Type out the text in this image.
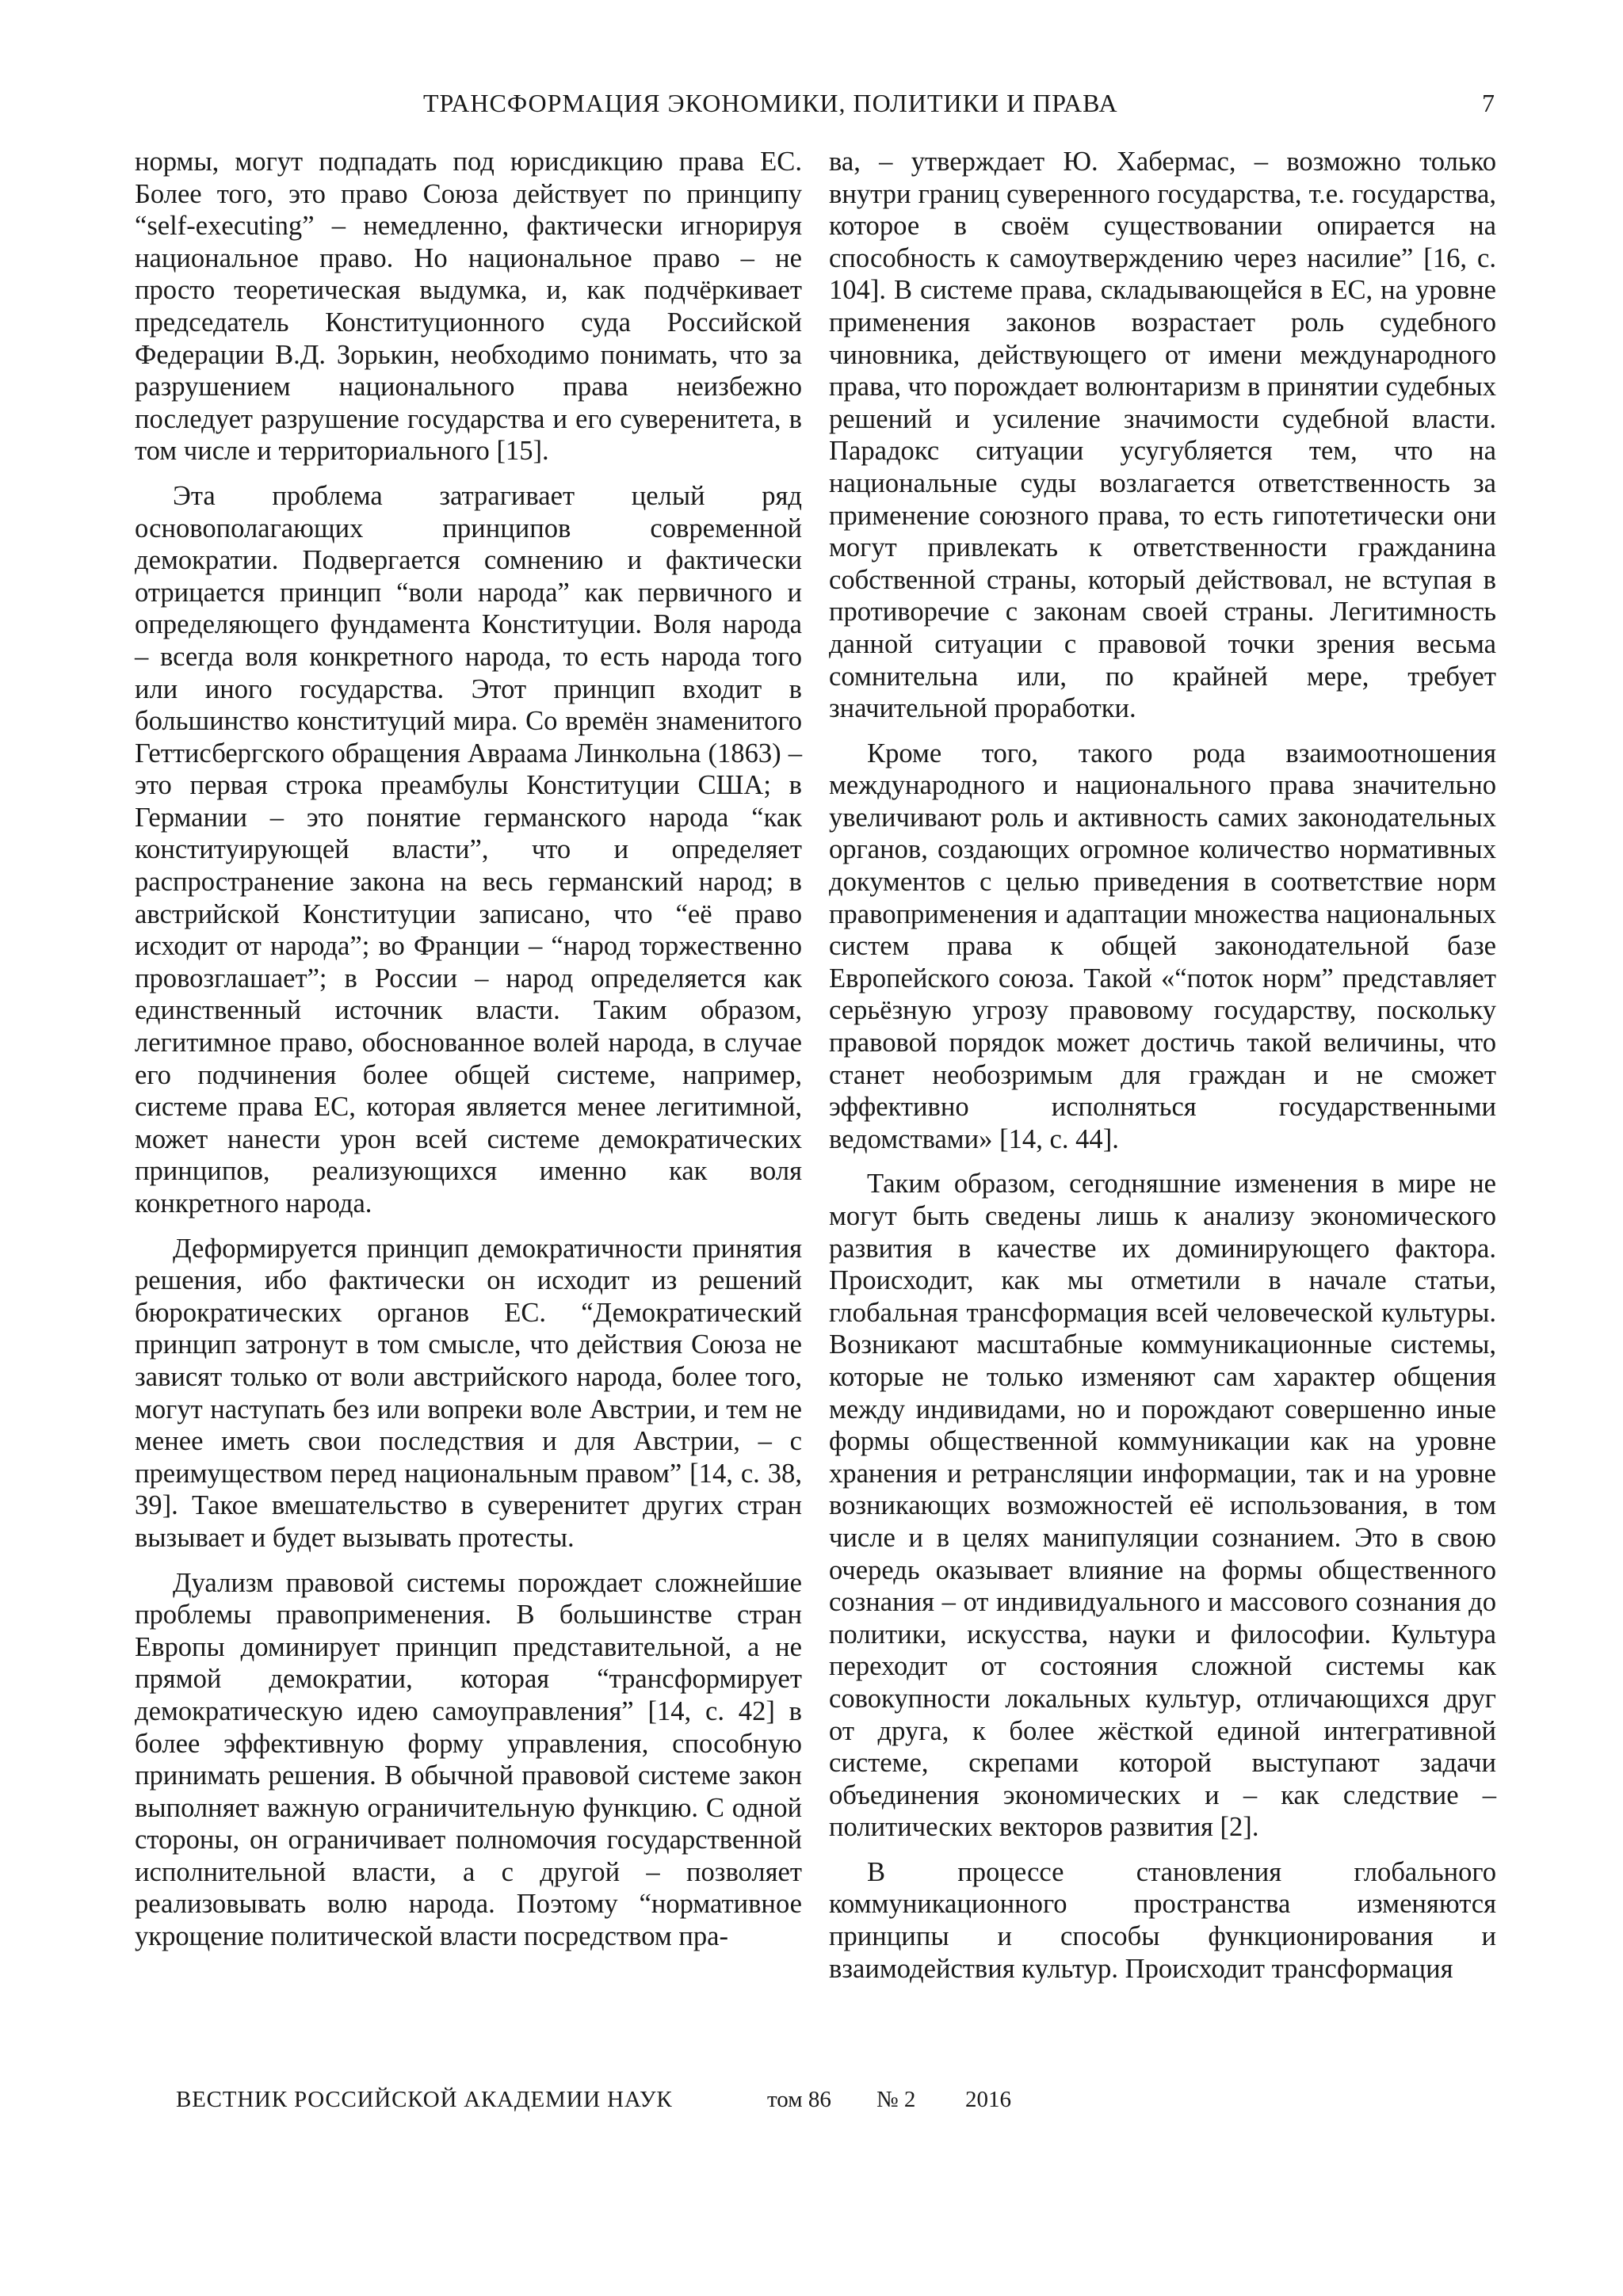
ТРАНСФОРМАЦИЯ ЭКОНОМИКИ, ПОЛИТИКИ И ПРАВА	7

нормы, могут подпадать под юрисдикцию права ЕС. Более того, это право Союза действует по принципу “self-executing” – немедленно, фактически игнорируя национальное право. Но национальное право – не просто теоретическая выдумка, и, как подчёркивает председатель Конституционного суда Российской Федерации В.Д. Зорькин, необходимо понимать, что за разрушением национального права неизбежно последует разрушение государства и его суверенитета, в том числе и территориального [15].

Эта проблема затрагивает целый ряд основополагающих принципов современной демократии. Подвергается сомнению и фактически отрицается принцип “воли народа” как первичного и определяющего фундамента Конституции. Воля народа – всегда воля конкретного народа, то есть народа того или иного государства. Этот принцип входит в большинство конституций мира. Со времён знаменитого Геттисбергского обращения Авраама Линкольна (1863) – это первая строка преамбулы Конституции США; в Германии – это понятие германского народа “как конституирующей власти”, что и определяет распространение закона на весь германский народ; в австрийской Конституции записано, что “её право исходит от народа”; во Франции – “народ торжественно провозглашает”; в России – народ определяется как единственный источник власти. Таким образом, легитимное право, обоснованное волей народа, в случае его подчинения более общей системе, например, системе права ЕС, которая является менее легитимной, может нанести урон всей системе демократических принципов, реализующихся именно как воля конкретного народа.

Деформируется принцип демократичности принятия решения, ибо фактически он исходит из решений бюрократических органов ЕС. “Демократический принцип затронут в том смысле, что действия Союза не зависят только от воли австрийского народа, более того, могут наступать без или вопреки воле Австрии, и тем не менее иметь свои последствия и для Австрии, – с преимуществом перед национальным правом” [14, с. 38, 39]. Такое вмешательство в суверенитет других стран вызывает и будет вызывать протесты.

Дуализм правовой системы порождает сложнейшие проблемы правоприменения. В большинстве стран Европы доминирует принцип представительной, а не прямой демократии, которая “трансформирует демократическую идею самоуправления” [14, с. 42] в более эффективную форму управления, способную принимать решения. В обычной правовой системе закон выполняет важную ограничительную функцию. С одной стороны, он ограничивает полномочия государственной исполнительной власти, а с другой – позволяет реализовывать волю народа. Поэтому “нормативное укрощение политической власти посредством пра-

ва, – утверждает Ю. Хабермас, – возможно только внутри границ суверенного государства, т.е. государства, которое в своём существовании опирается на способность к самоутверждению через насилие” [16, с. 104]. В системе права, складывающейся в ЕС, на уровне применения законов возрастает роль судебного чиновника, действующего от имени международного права, что порождает волюнтаризм в принятии судебных решений и усиление значимости судебной власти. Парадокс ситуации усугубляется тем, что на национальные суды возлагается ответственность за применение союзного права, то есть гипотетически они могут привлекать к ответственности гражданина собственной страны, который действовал, не вступая в противоречие с законам своей страны. Легитимность данной ситуации с правовой точки зрения весьма сомнительна или, по крайней мере, требует значительной проработки.

Кроме того, такого рода взаимоотношения международного и национального права значительно увеличивают роль и активность самих законодательных органов, создающих огромное количество нормативных документов с целью приведения в соответствие норм правоприменения и адаптации множества национальных систем права к общей законодательной базе Европейского союза. Такой «“поток норм” представляет серьёзную угрозу правовому государству, поскольку правовой порядок может достичь такой величины, что станет необозримым для граждан и не сможет эффективно исполняться государственными ведомствами» [14, с. 44].

Таким образом, сегодняшние изменения в мире не могут быть сведены лишь к анализу экономического развития в качестве их доминирующего фактора. Происходит, как мы отметили в начале статьи, глобальная трансформация всей человеческой культуры. Возникают масштабные коммуникационные системы, которые не только изменяют сам характер общения между индивидами, но и порождают совершенно иные формы общественной коммуникации как на уровне хранения и ретрансляции информации, так и на уровне возникающих возможностей её использования, в том числе и в целях манипуляции сознанием. Это в свою очередь оказывает влияние на формы общественного сознания – от индивидуального и массового сознания до политики, искусства, науки и философии. Культура переходит от состояния сложной системы как совокупности локальных культур, отличающихся друг от друга, к более жёсткой единой интегративной системе, скрепами которой выступают задачи объединения экономических и – как следствие – политических векторов развития [2].

В процессе становления глобального коммуникационного пространства изменяются принципы и способы функционирования и взаимодействия культур. Происходит трансформация

ВЕСТНИК РОССИЙСКОЙ АКАДЕМИИ НАУК	том 86 № 2 2016
